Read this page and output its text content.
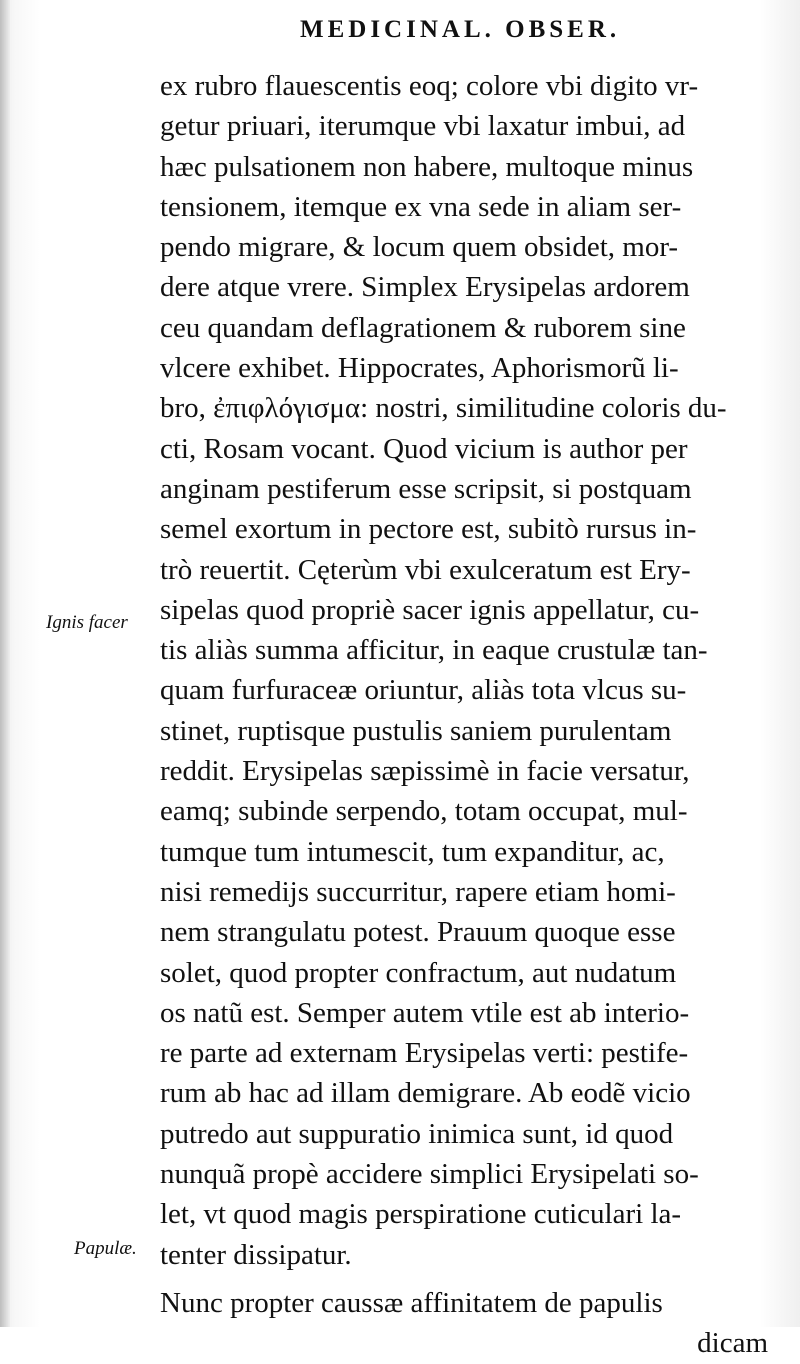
MEDICINAL. OBSER.
Ignis facer
Papulæ.
ex rubro flauescentis eoq; colore vbi digito vr-
getur priuari, iterumque vbi laxatur imbui, ad
hæc pulsationem non habere, multoque minus
tensionem, itemque ex vna sede in aliam ser-
pendo migrare, & locum quem obsidet, mor-
dere atque vrere. Simplex Erysipelas ardorem
ceu quandam deflagrationem & ruborem sine
vlcere exhibet. Hippocrates, Aphorismorũ li-
bro, ἐπιφλόγισμα: nostri, similitudine coloris du-
cti, Rosam vocant. Quod vicium is author per
anginam pestiferum esse scripsit, si postquam
semel exortum in pectore est, subitò rursus in-
trò reuertit. Cęterùm vbi exulceratum est Ery-
sipelas quod propriè sacer ignis appellatur, cu-
tis aliàs summa afficitur, in eaque crustulæ tan-
quam furfuraceæ oriuntur, aliàs tota vlcus su-
stinet, ruptisque pustulis saniem purulentam
reddit. Erysipelas sæpissimè in facie versatur,
eamq; subinde serpendo, totam occupat, mul-
tumque tum intumescit, tum expanditur, ac,
nisi remedijs succurritur, rapere etiam homi-
nem strangulatu potest. Prauum quoque esse
solet, quod propter confractum, aut nudatum
os natũ est. Semper autem vtile est ab interio-
re parte ad externam Erysipelas verti: pestife-
rum ab hac ad illam demigrare. Ab eodẽ vicio
putredo aut suppuratio inimica sunt, id quod
nunquã propè accidere simplici Erysipelati so-
let, vt quod magis perspiratione cuticulari la-
tenter dissipatur.
Nunc propter caussæ affinitatem de papulis
dicam
